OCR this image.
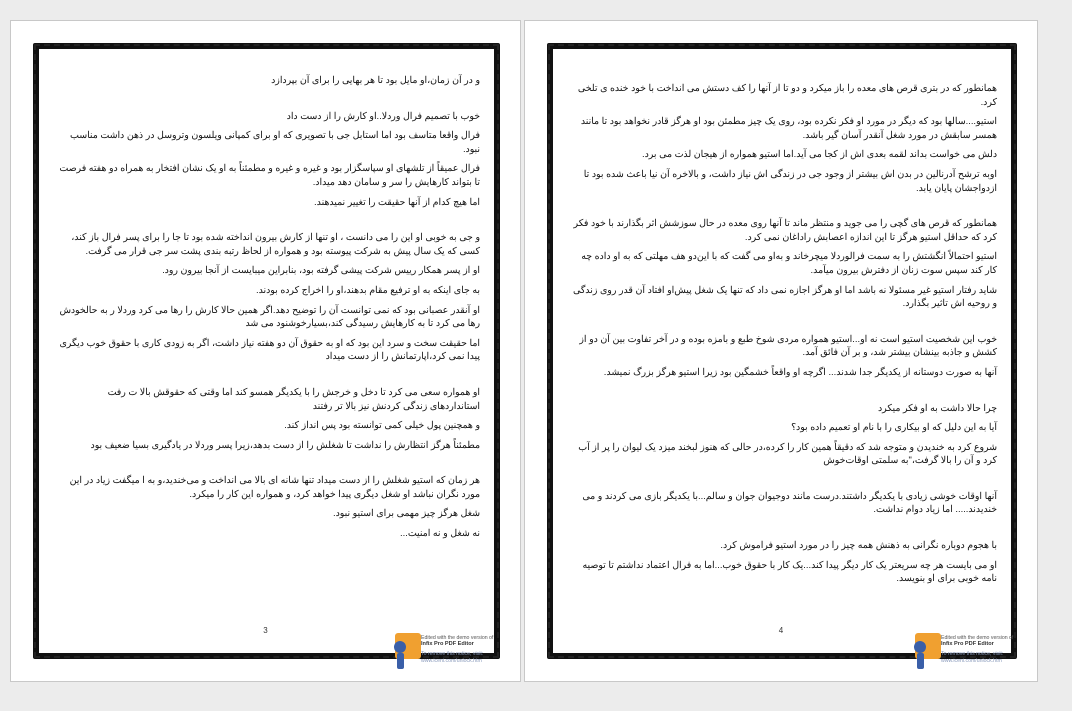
و در آن زمان،او مایل بود تا هر بهایی را برای آن بپردازد

خوب با تصمیم فرال وردلا..او کارش را از دست داد

فرال واقعا متاسف بود اما استابل جی با تصویری که او برای کمپانی ویلسون وتروسل در ذهن داشت مناسب نبود.

فرال عمیقاً از تلشهای او سپاسگزار بود و غیره و غیره و مطمئناً به او یک نشان افتخار به همراه دو هفته فرصت تا بتواند کارهایش را سر و سامان دهد میداد.

اما هیچ کدام از آنها حقیقت را تغییر نمیدهند.

و جی به خوبی او این را می دانست ، او تنها از کارش بیرون انداخته شده بود تا جا را برای پسر فرال باز کند، کسی که یک سال پیش به شرکت پیوسته بود و همواره از لحاظ رتبه بندی پشت سر جی قرار می گرفت.

او از پسر همکار رییس شرکت پیشی گرفته بود، بنابراین میبایست از آنجا بیرون رود.

به جای اینکه به او ترفیع مقام بدهند،او را اخراج کرده بودند.

او آنقدر عصبانی بود که نمی توانست آن را توضیح دهد.اگر همین حالا کارش را رها می کرد وردلا ر به حالخودش رها می کرد تا به کارهایش رسیدگی کند،بسیارخوشنود می شد

اما حقیقت سخت و سرد این بود که او به حقوق آن دو هفته نیاز داشت، اگر به زودی کاری با حقوق خوب دیگری پیدا نمی کرد،اپارتمانش را از دست میداد

او همواره سعی می کرد تا دخل و خرجش را با یکدیگر همسو کند اما وقتی که حقوقش بالا ت رفت استانداردهای زندگی کردنش نیز بالا تر رفتند

و همچنین پول خیلی کمی توانسته بود پس انداز کند.

مطمئناً هرگز انتظارش را نداشت تا شغلش را از دست بدهد،زیرا پسر وردلا در یادگیری بسیا ضعیف بود

هر زمان که استیو شغلش را از دست میداد تنها شانه ای بالا می انداخت و می‌خندید،و به ا میگفت زیاد در این مورد نگران نباشد او شغل دیگری پیدا خواهد کرد، و همواره این کار را میکرد.

شغل هرگز چیز مهمی برای استیو نبود.

نه شغل و نه امنیت...

3
Edited with the demo version of
Infix Pro PDF Editor
To remove this notice, visit:
www.iceni.com/unlock.htm

همانطور که در بتری قرص های معده را باز میکرد و دو تا از آنها را کف دستش می انداخت با خود خنده ی تلخی کرد.

استیو....سالها بود که دیگر در مورد او فکر نکرده بود، روی یک چیز مطمئن بود او هرگز قادر نخواهد بود تا مانند همسر سابقش در مورد شغل آنقدر آسان گیر باشد.

دلش می خواست بداند لقمه بعدی اش از کجا می آید.اما استیو همواره از هیجان لذت می برد.

اوبه ترشح آدرنالین در بدن اش بیشتر از وجود جی در زندگی اش نیاز داشت، و بالاخره آن نیا باعث شده بود تا ازدواجشان پایان یابد.

همانطور که قرص های گچی را می جوید و منتظر ماند تا آنها روی معده در حال سوزشش اثر بگذارند با خود فکر کرد که حداقل استیو هرگز تا این اندازه اعصابش راداغان نمی کرد.

استیو احتمالاً انگشتش را به سمت فرالوردلا میچرخاند و به‌او می گفت که با این‌دو هف مهلتی که به او داده چه کار کند سپس سوت زنان از دفترش بیرون میآمد.

شاید رفتار استیو غیر مسئولا نه باشد اما او هرگز اجازه نمی داد که تنها یک شغل پیش‌او افتاد آن قدر روی زندگی و روحیه اش تاثیر بگذارد.

خوب این شخصیت استیو است نه او...استیو همواره مردی شوخ طبع و بامزه بوده و در آخر تفاوت بین آن دو از کشش و جاذبه بینشان بیشتر شد، و بر آن فائق آمد.

آنها به صورت دوستانه از یکدیگر جدا شدند... اگرچه او واقعاً خشمگین بود زیرا استیو هرگز بزرگ نمیشد.

چرا حالا داشت به او فکر میکرد

آیا به این دلیل که او بیکاری را با نام او تعمیم داده بود؟

شروع کرد به خندیدن و متوجه شد که دقیقاً همین کار را کرده،در حالی که هنوز لبخند میزد یک لیوان را پر از آب کرد و آن را بالا گرفت،"به سلمتی اوقات‌خوش

آنها اوقات خوشی زیادی با یکدیگر داشتند.درست مانند دوجیوان جوان و سالم...با یکدیگر بازی می کردند و می خندیدند..... اما زیاد دوام نداشت.

با هجوم دوباره نگرانی به ذهنش همه چیز را در مورد استیو فراموش کرد.

او می بایست هر چه سریعتر یک کار دیگر پیدا کند...یک کار با حقوق خوب...اما به فرال اعتماد نداشتم تا توصیه نامه خوبی برای او بنویسد.

4
Edited with the demo version of
Infix Pro PDF Editor
To remove this notice, visit:
www.iceni.com/unlock.htm
